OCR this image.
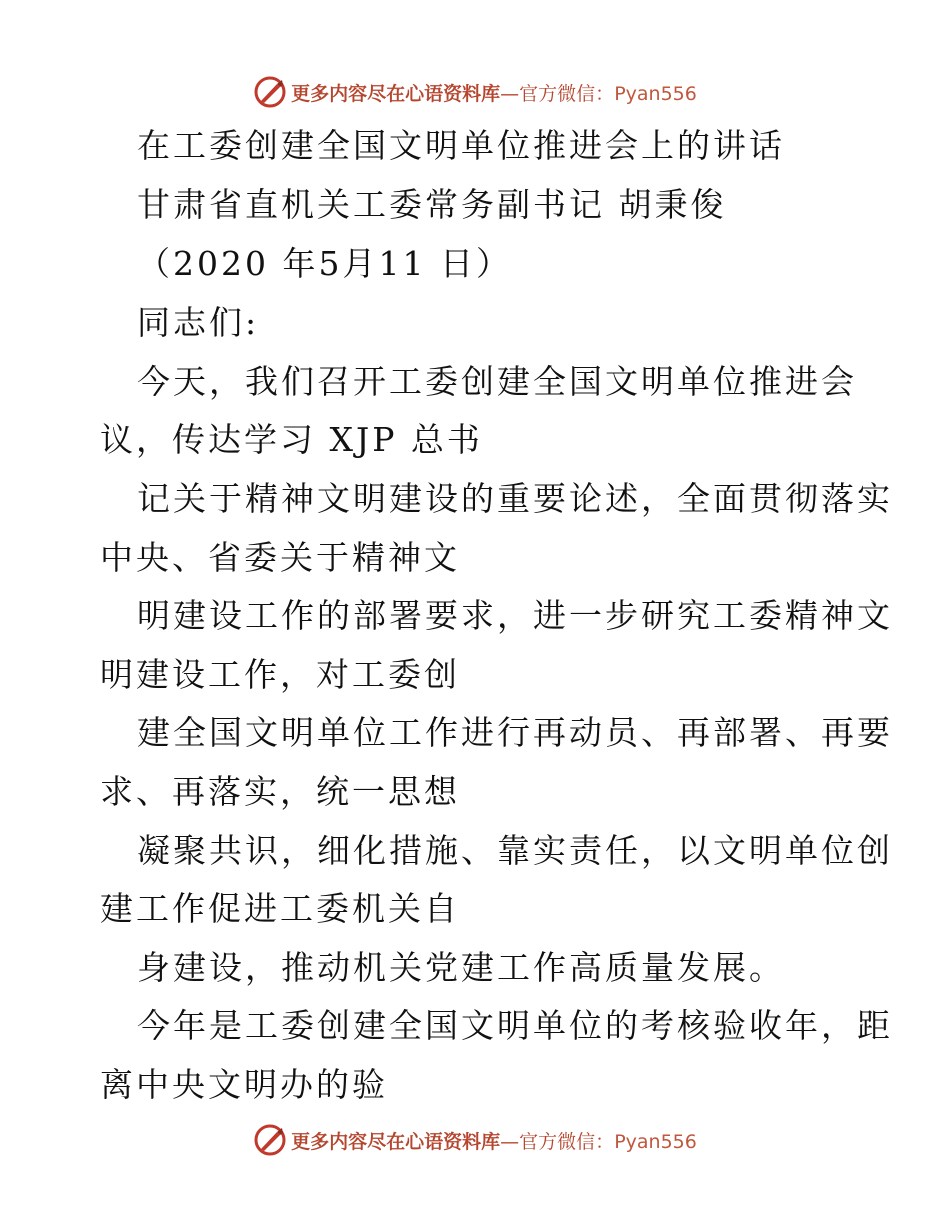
更多内容尽在心语资料库—官方微信：Pyan556
在工委创建全国文明单位推进会上的讲话
甘肃省直机关工委常务副书记 胡秉俊
（2020 年5月11 日）
同志们:
今天，我们召开工委创建全国文明单位推进会
议，传达学习 XJP 总书
记关于精神文明建设的重要论述，全面贯彻落实
中央、省委关于精神文
明建设工作的部署要求，进一步研究工委精神文
明建设工作，对工委创
建全国文明单位工作进行再动员、再部署、再要
求、再落实，统一思想
凝聚共识，细化措施、靠实责任，以文明单位创
建工作促进工委机关自
身建设，推动机关党建工作高质量发展。
今年是工委创建全国文明单位的考核验收年，距
离中央文明办的验
更多内容尽在心语资料库—官方微信：Pyan556
